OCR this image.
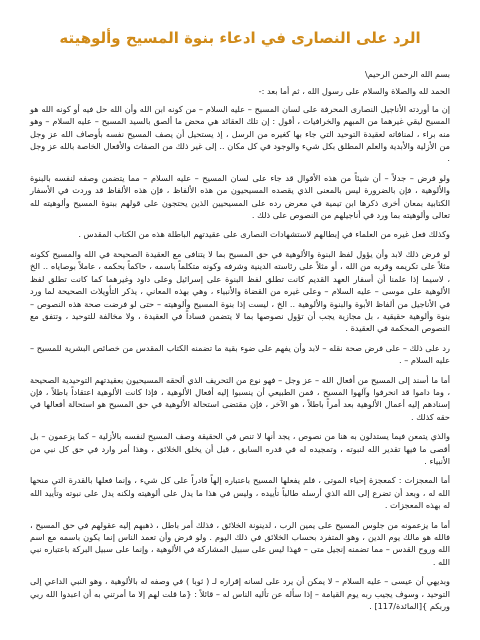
الرد على النصارى في ادعاء بنوة المسيح وألوهيته

بسم الله الرحمن الرحيم\

الحمد لله والصلاة والسلام على رسول الله ، ثم أما بعد :-

إن ما أوردته الأناجيل النصارى المحرفة على لسان المسيح – عليه السلام – من كونه ابن الله وأن الله حل فيه أو كونه الله هو المسيح ليقي غيرهما من المبهم والخرافيات ، أقول : إن تلك العقائد هي محض ما ألصق بالسيد المسيح – عليه السلام – وهو منه براء ، لمنافاته لعقيدة التوحيد التي جاء بها كغيره من الرسل ، إذ يستحيل أن يصف المسيح نفسه بأوصاف الله عز وجل من الأزلية والأبدية والعلم المطلق بكل شيء والوجود في كل مكان .. إلى غير ذلك من الصفات والأفعال الخاصة بالله عز وجل .

ولو فرض – جدلاً – أن شيئاً من هذه الأقوال قد جاء على لسان المسيح – عليه السلام – مما يتضمن وصفه لنفسه بالبنوة والألوهية ، فإن بالضرورة ليس بالمعنى الذي يقصده المسيحيون من هذه الألفاظ ، فإن هذه الألفاظ قد وردت في الأسفار الكتابية بمعان أخرى ذكرها ابن تيمية في معرض رده على المسيحيين الذين يحتجون على قولهم ببنوة المسيح وألوهيته لله تعالى وألوهيته بما ورد في أناجيلهم من النصوص على ذلك .

وكذلك فعل غيره من العلماء في إبطالهم لاستشهادات النصارى على عقيدتهم الباطلة هذه من الكتاب المقدس .

لو فرض ذلك لابد وأن يؤول لفظ البنوة والألوهية في حق المسيح بما لا يتنافى مع العقيدة الصحيحة في الله والمسيح ككونه مثلاً على تكريمه وقربه من الله ، أو مثلاً على رئاسته الدينية وشرفه وكونه متكلماً باسمه ، حاكماً بحكمه ، عاملاً بوصاياه .. الخ ، لاسيما إذا علمنا أن أسفار العهد القديم كانت تطلق لفظ البنوة على إسرائيل وعلى داود وغيرهما كما كانت تطلق لفظ الألوهية على موسى – عليه السلام – وعلى غيره من القضاة والأنبياء ، وهي بهذه المعاني ، يذكر التأويلات الصحيحة لما ورد في الأناجيل من ألفاظ الأبوة والبنوة والألوهية .. الخ ، ليست إذا بنوة المسيح وألوهيته – حتى لو فرضت صحة هذه النصوص – بنوة وألوهية حقيقية ، بل مجازية يجب أن تؤول نصوصها بما لا يتضمن فساداً في العقيدة ، ولا مخالفة للتوحيد ، وتتفق مع النصوص المحكمة في العقيدة .

رد على ذلك – على فرض صحة نقله – لابد وأن يفهم على ضوء بقية ما تضمنه الكتاب المقدس من خصائص البشرية للمسيح – عليه السلام – .

أما ما أسند إلى المسيح من أفعال الله – عز وجل – فهو نوع من التحريف الذي ألحقه المسيحيون بعقيدتهم التوحيدية الصحيحة ، وما داموا قد انحرفوا وآلهوا المسيح ، فمن الطبيعي أن ينسبوا إليه أفعال الألوهية ، فإذا كانت الألوهية اعتقاداً باطلاً ، فإن إسنادهم إليه أعمال الألوهية بعد أمراً باطلاً ، هو الآخر ، فإن مقتضى استحالة الألوهية في حق المسيح هو استحالة أفعالها في حقه كذلك .

والذي يتمعن فيما يستدلون به هنا من نصوص ، يجد أنها لا تنص في الحقيقة وصف المسيح لنفسه بالأزلية – كما يزعمون – بل أقصى ما فيها تقدير الله لنبوته ، وتمجيده له في قدره السابق ، قبل أن يخلق الخلائق ، وهذا أمر وارد في حق كل نبي من الأنبياء .

أما المعجزات : كمعجزة إحياء الموتى ، فلم يفعلها المسيح باعتباره إلهاً قادراً على كل شيء ، وإنما فعلها بالقدرة التي منحها الله له ، وبعد أن تضرع إلى الله الذي أرسله طالباً تأييده ، وليس في هذا ما يدل على ألوهيته ولكنه يدل على نبوته وتأييد الله له بهذه المعجزات .

أما ما يزعمونه من جلوس المسيح على يمين الرب ، لدينونة الخلائق ، فذلك أمر باطل ، ذهبهم إليه عقولهم في حق المسيح ، فالله هو مالك يوم الدين ، وهو المتفرد بحساب الخلائق في ذلك اليوم . ولو فرض وأن تعمد الناس إنما يكون باسمه مع اسم الله وروح القدس – مما تضمنه إنجيل متى – فهذا ليس على سبيل المشاركة في الألوهية ، وإنما على سبيل البركة باعتباره نبي الله .

وبديهي أن عيسى – عليه السلام – لا يمكن أن يرد على لسانه إقراره لـ ( ثوبا ) في وصفه له بالألوهية ، وهو النبي الداعي إلى التوحيد ، وسوف يجيب ربه يوم القيامة – إذا سأله عن تأليه الناس له – قائلاً : {ما قلت لهم إلا ما أمرتني به أن اعبدوا الله ربي وربكم }[المائدة/117] .
